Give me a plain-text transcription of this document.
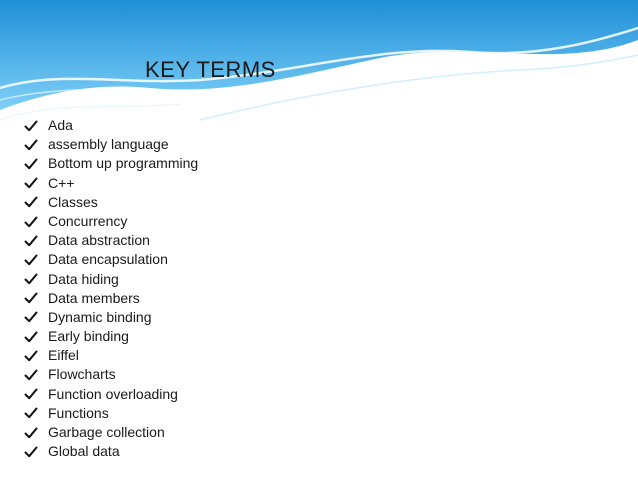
KEY TERMS
Ada
assembly language
Bottom up programming
C++
Classes
Concurrency
Data abstraction
Data encapsulation
Data hiding
Data members
Dynamic binding
Early binding
Eiffel
Flowcharts
Function overloading
Functions
Garbage collection
Global data
